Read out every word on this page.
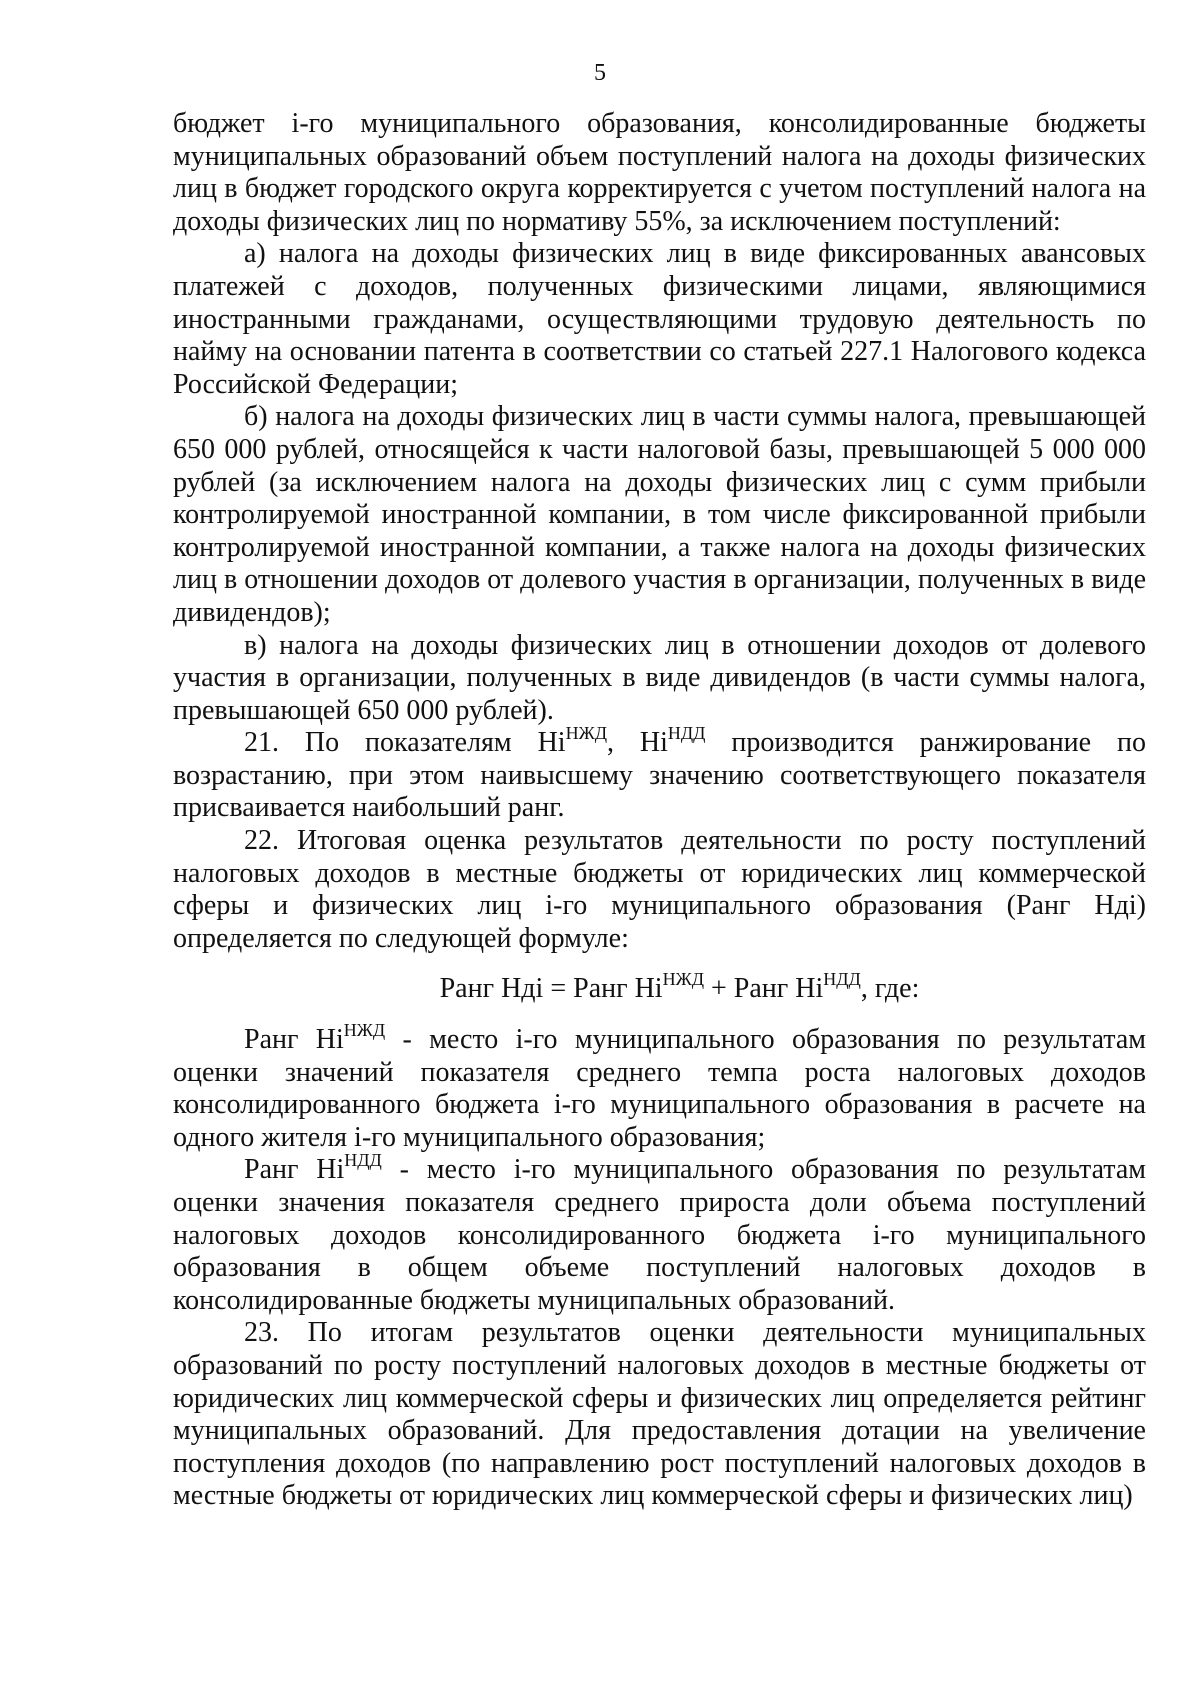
5

бюджет i-го муниципального образования, консолидированные бюджеты муниципальных образований объем поступлений налога на доходы физических лиц в бюджет городского округа корректируется с учетом поступлений налога на доходы физических лиц по нормативу 55%, за исключением поступлений:

а) налога на доходы физических лиц в виде фиксированных авансовых платежей с доходов, полученных физическими лицами, являющимися иностранными гражданами, осуществляющими трудовую деятельность по найму на основании патента в соответствии со статьей 227.1 Налогового кодекса Российской Федерации;

б) налога на доходы физических лиц в части суммы налога, превышающей 650 000 рублей, относящейся к части налоговой базы, превышающей 5 000 000 рублей (за исключением налога на доходы физических лиц с сумм прибыли контролируемой иностранной компании, в том числе фиксированной прибыли контролируемой иностранной компании, а также налога на доходы физических лиц в отношении доходов от долевого участия в организации, полученных в виде дивидендов);

в) налога на доходы физических лиц в отношении доходов от долевого участия в организации, полученных в виде дивидендов (в части суммы налога, превышающей 650 000 рублей).

21. По показателям $Ні^{НЖД}$, $Ні^{НДД}$ производится ранжирование по возрастанию, при этом наивысшему значению соответствующего показателя присваивается наибольший ранг.

22. Итоговая оценка результатов деятельности по росту поступлений налоговых доходов в местные бюджеты от юридических лиц коммерческой сферы и физических лиц i-го муниципального образования (Ранг Ндi) определяется по следующей формуле:

Ранг Ндi = Ранг $Нi^{НЖД}$ + Ранг $Нi^{НДД}$, где:

Ранг $Нi^{НЖД}$ - место i-го муниципального образования по результатам оценки значений показателя среднего темпа роста налоговых доходов консолидированного бюджета i-го муниципального образования в расчете на одного жителя i-го муниципального образования;

Ранг $Нi^{НДД}$ - место i-го муниципального образования по результатам оценки значения показателя среднего прироста доли объема поступлений налоговых доходов консолидированного бюджета i-го муниципального образования в общем объеме поступлений налоговых доходов в консолидированные бюджеты муниципальных образований.

23. По итогам результатов оценки деятельности муниципальных образований по росту поступлений налоговых доходов в местные бюджеты от юридических лиц коммерческой сферы и физических лиц определяется рейтинг муниципальных образований. Для предоставления дотации на увеличение поступления доходов (по направлению рост поступлений налоговых доходов в местные бюджеты от юридических лиц коммерческой сферы и физических лиц)
